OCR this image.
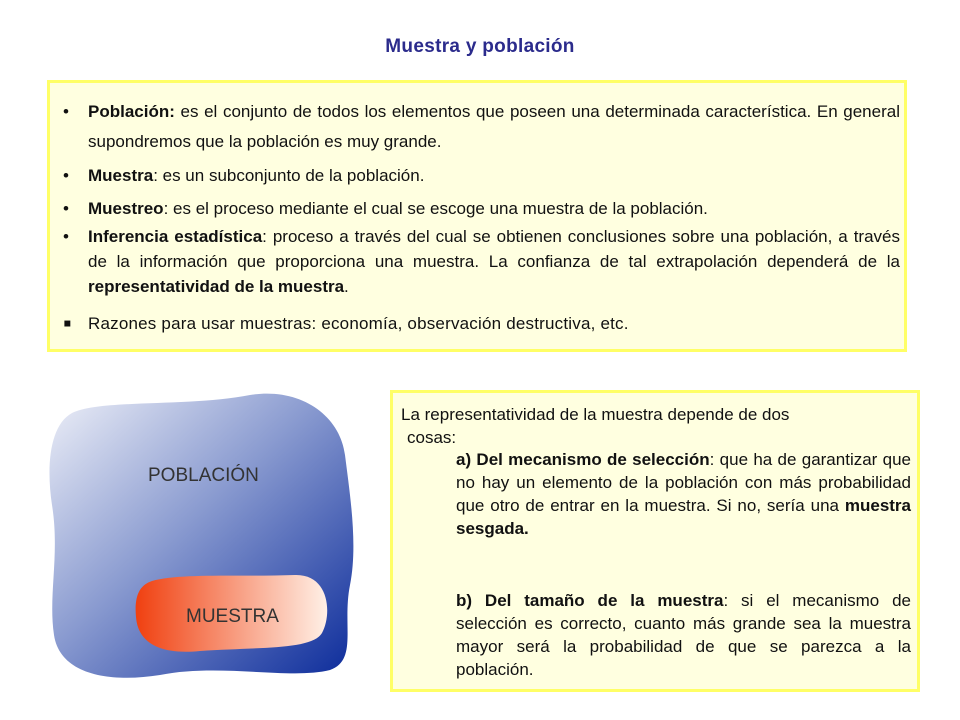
Muestra y población
• Población: es el conjunto de todos los elementos que poseen una determinada característica. En general supondremos que la población es muy grande.
• Muestra: es un subconjunto de la población.
• Muestreo: es el proceso mediante el cual se escoge una muestra de la población.
• Inferencia estadística: proceso a través del cual se obtienen conclusiones sobre una población, a través de la información que proporciona una muestra. La confianza de tal extrapolación dependerá de la representatividad de la muestra.
▪ Razones para usar muestras: economía, observación destructiva, etc.
POBLACIÓN
MUESTRA
La representatividad de la muestra depende de dos
cosas:
a) Del mecanismo de selección: que ha de garantizar que no hay un elemento de la población con más probabilidad que otro de entrar en la muestra. Si no, sería una muestra sesgada.
b) Del tamaño de la muestra: si el mecanismo de selección es correcto, cuanto más grande sea la muestra mayor será la probabilidad de que se parezca a la población.
